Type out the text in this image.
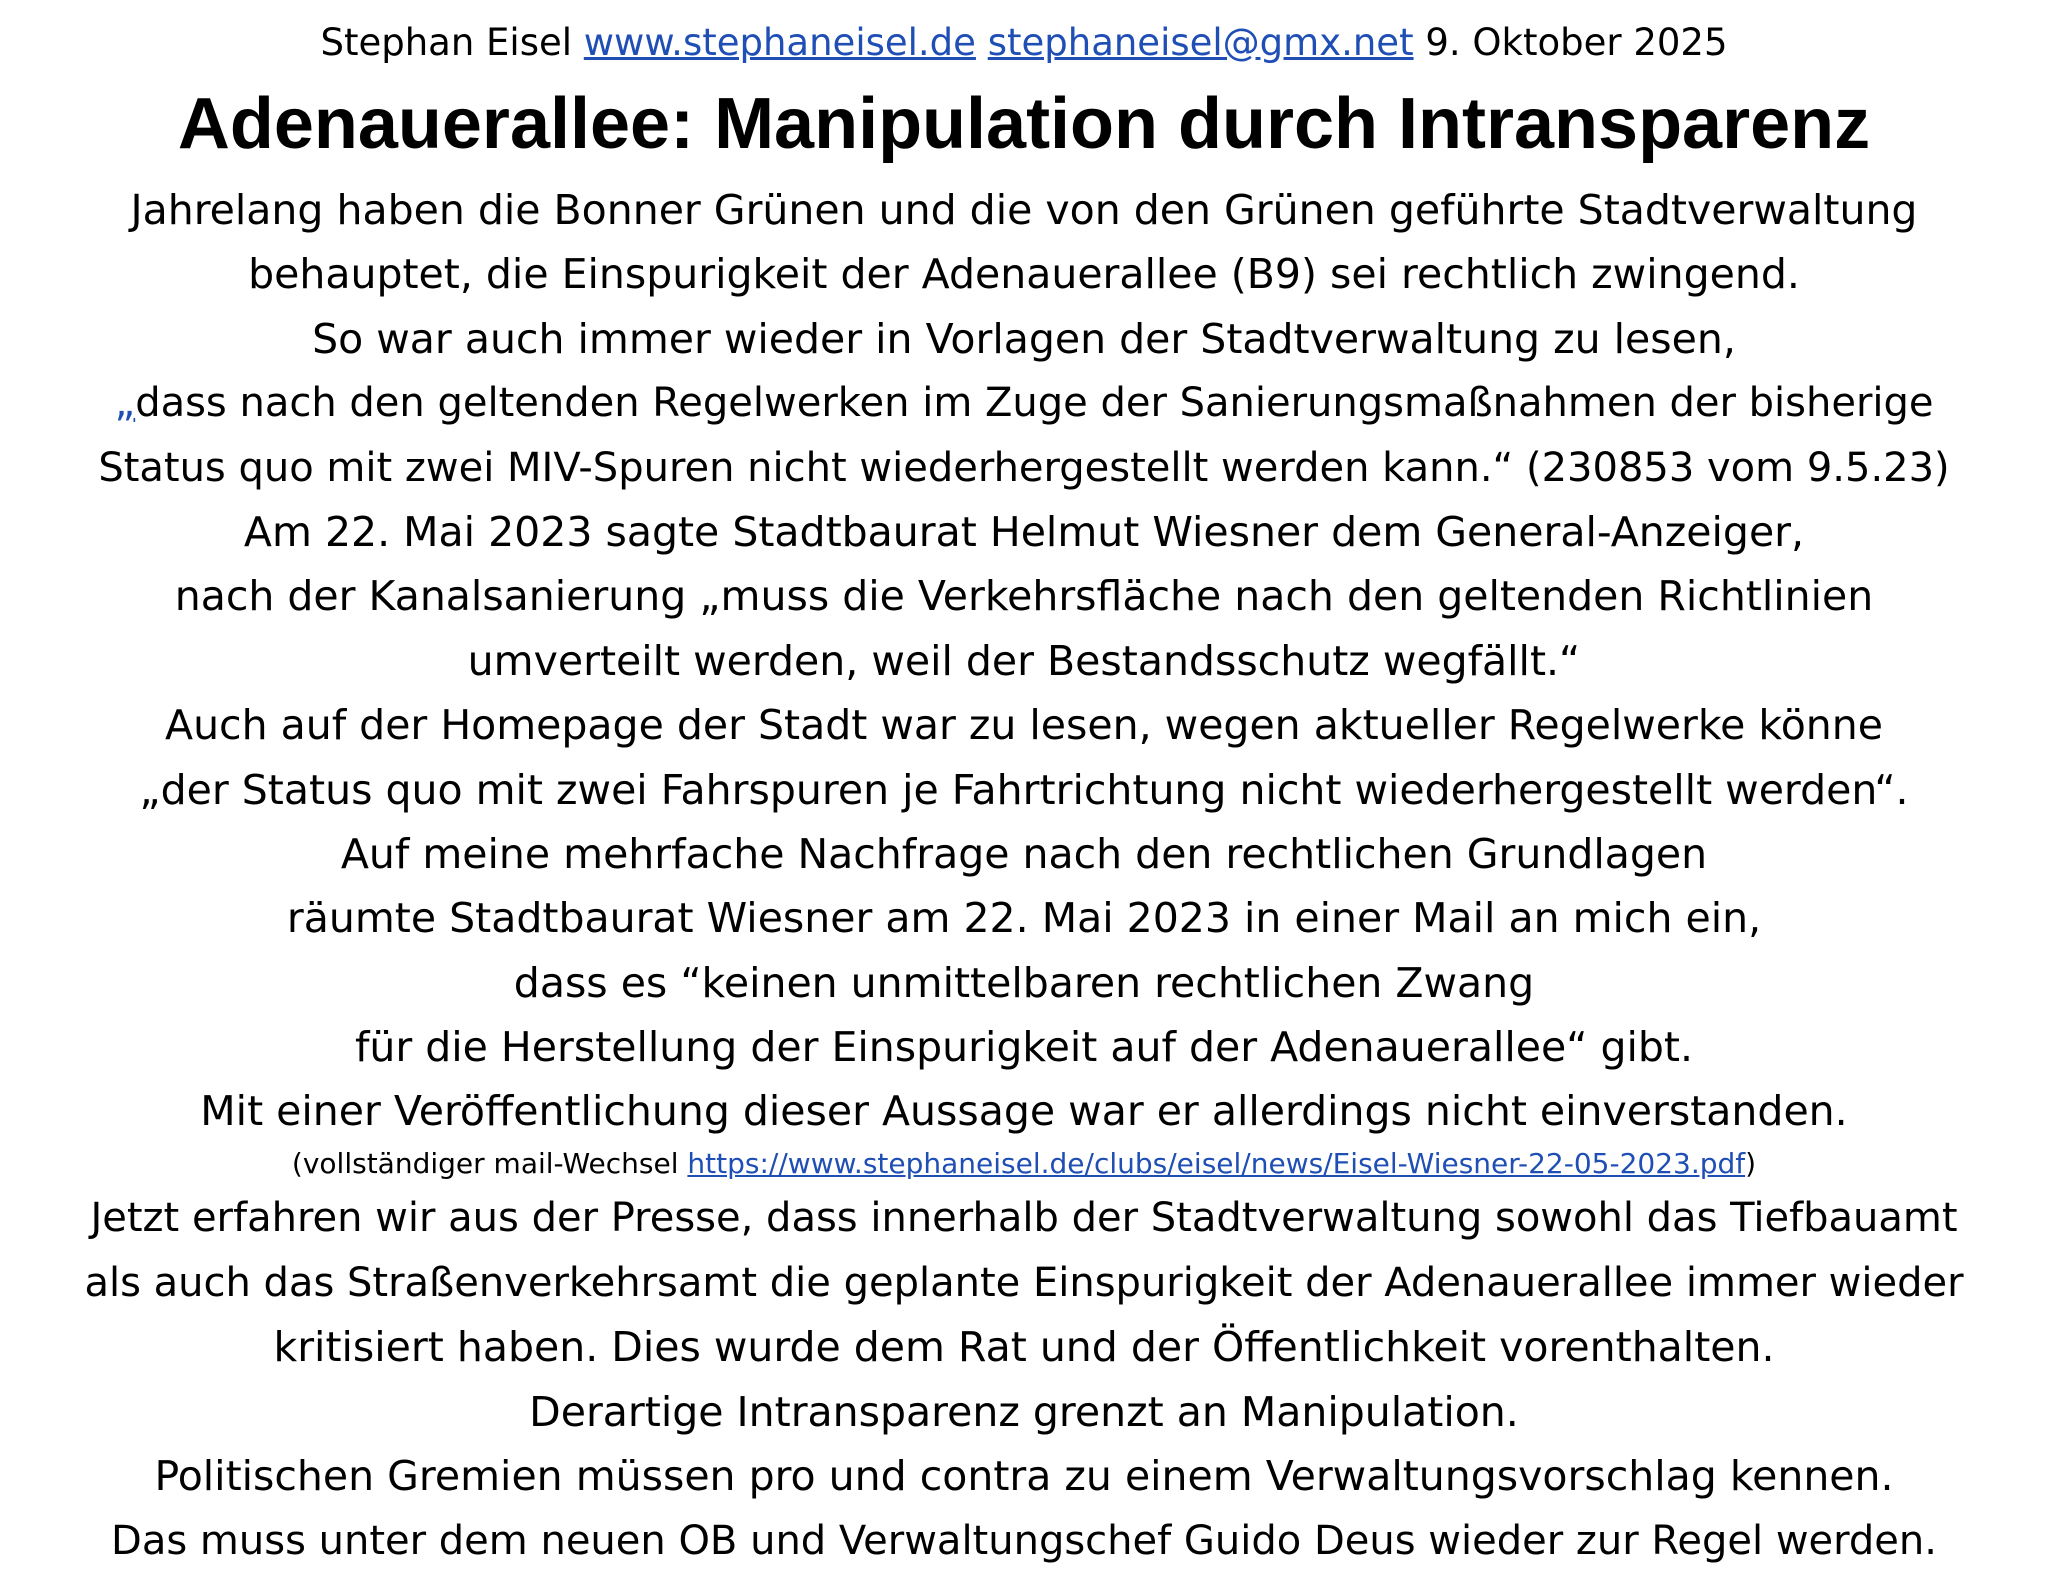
Stephan Eisel www.stephaneisel.de stephaneisel@gmx.net 9. Oktober 2025
Adenauerallee: Manipulation durch Intransparenz
Jahrelang haben die Bonner Grünen und die von den Grünen geführte Stadtverwaltung
behauptet, die Einspurigkeit der Adenauerallee (B9) sei rechtlich zwingend.
So war auch immer wieder in Vorlagen der Stadtverwaltung zu lesen,
„dass nach den geltenden Regelwerken im Zuge der Sanierungsmaßnahmen der bisherige
Status quo mit zwei MIV-Spuren nicht wiederhergestellt werden kann.“ (230853 vom 9.5.23)
Am 22. Mai 2023 sagte Stadtbaurat Helmut Wiesner dem General-Anzeiger,
nach der Kanalsanierung „muss die Verkehrsfläche nach den geltenden Richtlinien
umverteilt werden, weil der Bestandsschutz wegfällt.“
Auch auf der Homepage der Stadt war zu lesen, wegen aktueller Regelwerke könne
„der Status quo mit zwei Fahrspuren je Fahrtrichtung nicht wiederhergestellt werden“.
Auf meine mehrfache Nachfrage nach den rechtlichen Grundlagen
räumte Stadtbaurat Wiesner am 22. Mai 2023 in einer Mail an mich ein,
dass es “keinen unmittelbaren rechtlichen Zwang
für die Herstellung der Einspurigkeit auf der Adenauerallee“ gibt.
Mit einer Veröffentlichung dieser Aussage war er allerdings nicht einverstanden.
(vollständiger mail-Wechsel https://www.stephaneisel.de/clubs/eisel/news/Eisel-Wiesner-22-05-2023.pdf)
Jetzt erfahren wir aus der Presse, dass innerhalb der Stadtverwaltung sowohl das Tiefbauamt
als auch das Straßenverkehrsamt die geplante Einspurigkeit der Adenauerallee immer wieder
kritisiert haben. Dies wurde dem Rat und der Öffentlichkeit vorenthalten.
Derartige Intransparenz grenzt an Manipulation.
Politischen Gremien müssen pro und contra zu einem Verwaltungsvorschlag kennen.
Das muss unter dem neuen OB und Verwaltungschef Guido Deus wieder zur Regel werden.
